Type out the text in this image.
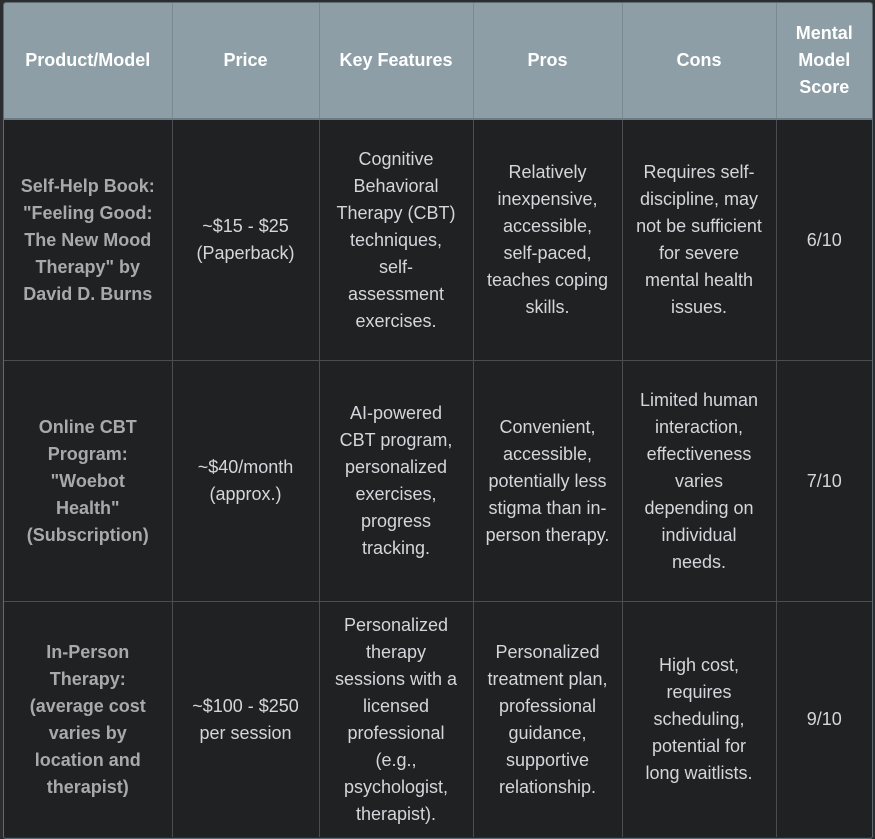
Product/Model	Price	Key Features	Pros	Cons	Mental Model Score
Self-Help Book: "Feeling Good: The New Mood Therapy" by David D. Burns	~$15 - $25 (Paperback)	Cognitive Behavioral Therapy (CBT) techniques, self-assessment exercises.	Relatively inexpensive, accessible, self-paced, teaches coping skills.	Requires self-discipline, may not be sufficient for severe mental health issues.	6/10
Online CBT Program: "Woebot Health" (Subscription)	~$40/month (approx.)	AI-powered CBT program, personalized exercises, progress tracking.	Convenient, accessible, potentially less stigma than in-person therapy.	Limited human interaction, effectiveness varies depending on individual needs.	7/10
In-Person Therapy: (average cost varies by location and therapist)	~$100 - $250 per session	Personalized therapy sessions with a licensed professional (e.g., psychologist, therapist).	Personalized treatment plan, professional guidance, supportive relationship.	High cost, requires scheduling, potential for long waitlists.	9/10
